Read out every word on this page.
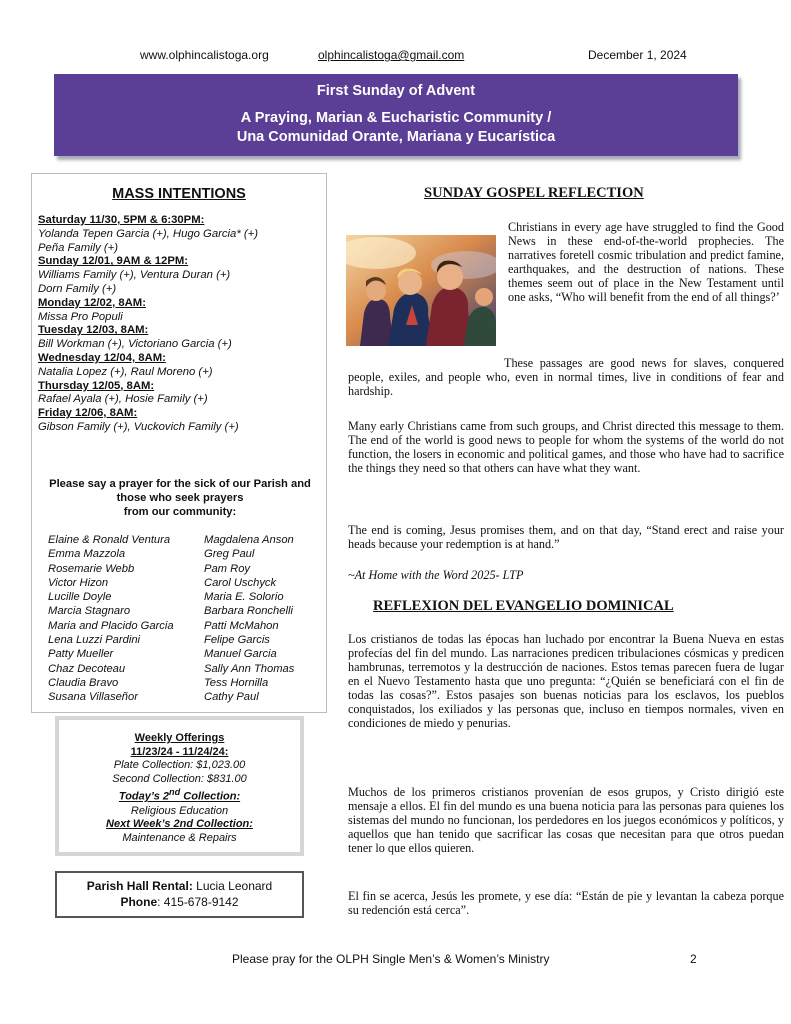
www.olphincalistoga.org	olphincalistoga@gmail.com	December 1, 2024
First Sunday of Advent
A Praying, Marian & Eucharistic Community /
Una Comunidad Orante, Mariana y Eucarística
MASS INTENTIONS
Saturday 11/30, 5PM & 6:30PM:
Yolanda Tepen Garcia (+), Hugo Garcia* (+)
Peña Family (+)
Sunday 12/01, 9AM & 12PM:
Williams Family (+), Ventura Duran (+)
Dorn Family (+)
Monday 12/02, 8AM:
Missa Pro Populi
Tuesday 12/03, 8AM:
Bill Workman (+), Victoriano Garcia (+)
Wednesday 12/04, 8AM:
Natalia Lopez (+), Raul Moreno (+)
Thursday 12/05, 8AM:
Rafael Ayala (+), Hosie Family (+)
Friday 12/06, 8AM:
Gibson Family (+), Vuckovich Family (+)
Please say a prayer for the sick of our Parish and
those who seek prayers
from our community:
Elaine & Ronald Ventura
Emma Mazzola
Rosemarie Webb
Victor Hizon
Lucille Doyle
Marcia Stagnaro
Maria and Placido Garcia
Lena Luzzi Pardini
Patty Mueller
Chaz Decoteau
Claudia Bravo
Susana Villaseñor
Magdalena Anson
Greg Paul
Pam Roy
Carol Uschyck
Maria E. Solorio
Barbara Ronchelli
Patti McMahon
Felipe Garcis
Manuel Garcia
Sally Ann Thomas
Tess Hornilla
Cathy Paul
Weekly Offerings
11/23/24 - 11/24/24:
Plate Collection: $1,023.00
Second Collection: $831.00
Today’s 2nd Collection:
Religious Education
Next Week’s 2nd Collection:
Maintenance & Repairs
Parish Hall Rental: Lucia Leonard
Phone: 415-678-9142
SUNDAY GOSPEL REFLECTION
Christians in every age have struggled to find the Good News in these end-of-the-world prophecies. The narratives foretell cosmic tribulation and predict famine, earthquakes, and the destruction of nations. These themes seem out of place in the New Testament until one asks, “Who will benefit from the end of all things?’
These passages are good news for slaves, conquered people, exiles, and people who, even in normal times, live in conditions of fear and hardship.
Many early Christians came from such groups, and Christ directed this message to them. The end of the world is good news to people for whom the systems of the world do not function, the losers in economic and political games, and those who have had to sacrifice the things they need so that others can have what they want.
The end is coming, Jesus promises them, and on that day, “Stand erect and raise your heads because your redemption is at hand.”
~At Home with the Word 2025- LTP
REFLEXION DEL EVANGELIO DOMINICAL
Los cristianos de todas las épocas han luchado por encontrar la Buena Nueva en estas profecías del fin del mundo. Las narraciones predicen tribulaciones cósmicas y predicen hambrunas, terremotos y la destrucción de naciones. Estos temas parecen fuera de lugar en el Nuevo Testamento hasta que uno pregunta: “¿Quién se beneficiará con el fin de todas las cosas?”. Estos pasajes son buenas noticias para los esclavos, los pueblos conquistados, los exiliados y las personas que, incluso en tiempos normales, viven en condiciones de miedo y penurias.
Muchos de los primeros cristianos provenían de esos grupos, y Cristo dirigió este mensaje a ellos. El fin del mundo es una buena noticia para las personas para quienes los sistemas del mundo no funcionan, los perdedores en los juegos económicos y políticos, y aquellos que han tenido que sacrificar las cosas que necesitan para que otros puedan tener lo que ellos quieren.
El fin se acerca, Jesús les promete, y ese día: “Están de pie y levantan la cabeza porque su redención está cerca”.
Please pray for the OLPH Single Men’s & Women’s Ministry	2
